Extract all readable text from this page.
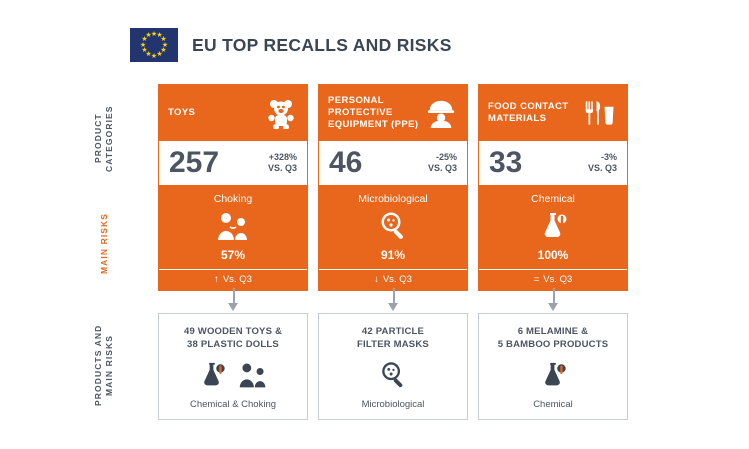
★ ★
★
★
★
★
★
★
★
★
★
★ EU TOP RECALLS AND RISKS
PRODUCT CATEGORIES
MAIN RISKS
PRODUCTS AND MAIN RISKS
TOYS
257	+328%
VS. Q3
Choking
57%
↑ Vs. Q3
49 WOODEN TOYS &
38 PLASTIC DOLLS
Chemical & Choking
PERSONAL PROTECTIVE EQUIPMENT (PPE)
46	-25%
VS. Q3
Microbiological
91%
↓ Vs. Q3
42 PARTICLE
FILTER MASKS
Microbiological
FOOD CONTACT MATERIALS
33	-3%
VS. Q3
Chemical
100%
= Vs. Q3
6 MELAMINE &
5 BAMBOO PRODUCTS
Chemical
